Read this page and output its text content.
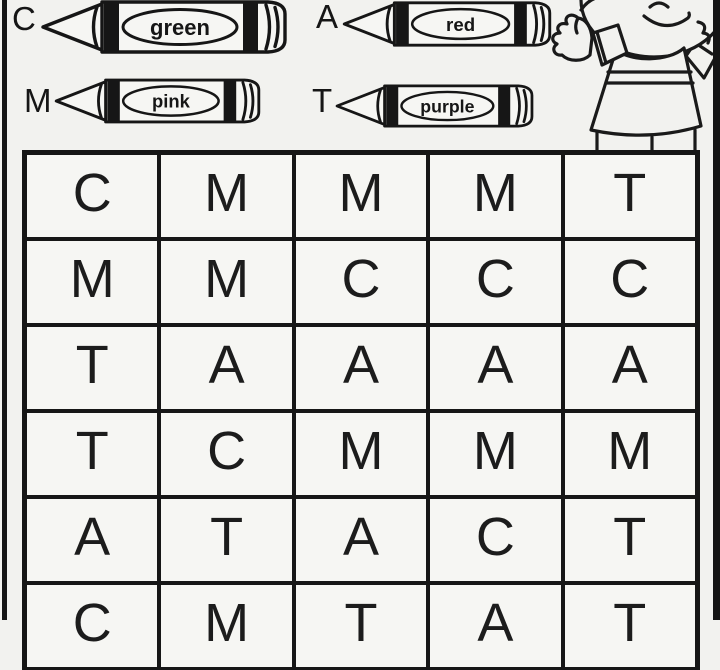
C	green	A	red
M	pink	T	purple
C	M	M	M	T
M	M	C	C	C
T	A	A	A	A
T	C	M	M	M
A	T	A	C	T
C	M	T	A	T
